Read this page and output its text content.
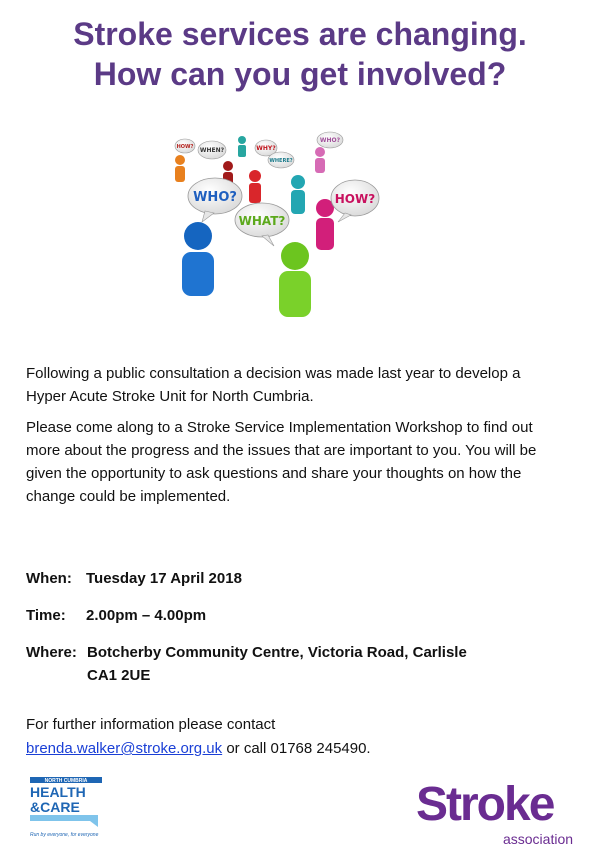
Stroke services are changing.
How can you get involved?
HOW? WHEN?	WHY?
WHERE?
WHO?
WHO?
WHAT?
HOW?

Following a public consultation a decision was made last year to develop a Hyper Acute Stroke Unit for North Cumbria.

Please come along to a Stroke Service Implementation Workshop to find out more about the progress and the issues that are important to you. You will be given the opportunity to ask questions and share your thoughts on how the change could be implemented.

When: Tuesday 17 April 2018
Time:	2.00pm – 4.00pm
Where: Botcherby Community Centre, Victoria Road, Carlisle
CA1 2UE
For further information please contact
brenda.walker@stroke.org.uk or call 01768 245490.
NORTH CUMBRIA
HEALTH
&CARE
Run by everyone, for everyone
Stroke
association
